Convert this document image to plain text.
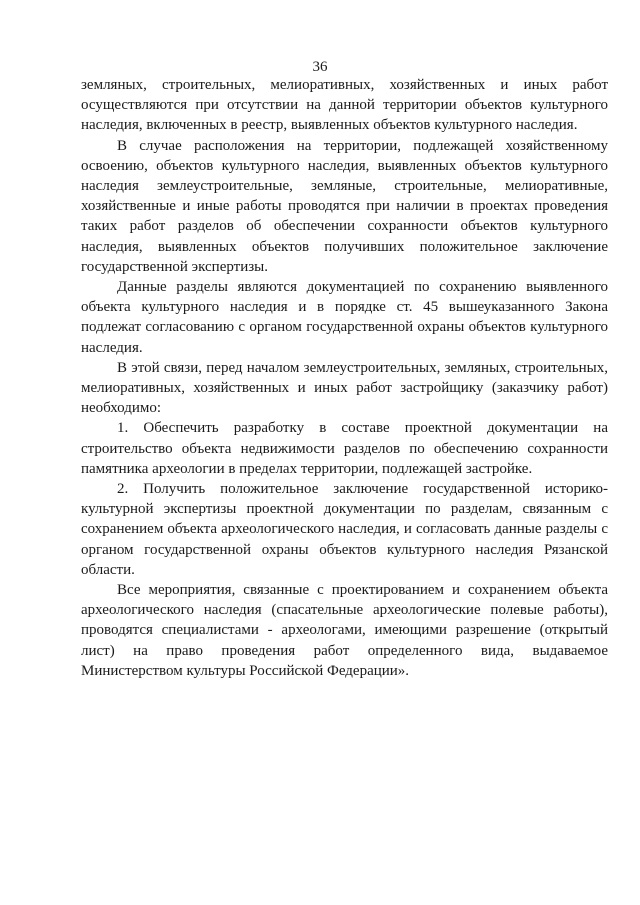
36

земляных, строительных, мелиоративных, хозяйственных и иных работ осуществляются при отсутствии на данной территории объектов культурного наследия, включенных в реестр, выявленных объектов культурного наследия.

В случае расположения на территории, подлежащей хозяйственному освоению, объектов культурного наследия, выявленных объектов культурного наследия землеустроительные, земляные, строительные, мелиоративные, хозяйственные и иные работы проводятся при наличии в проектах проведения таких работ разделов об обеспечении сохранности объектов культурного наследия, выявленных объектов получивших положительное заключение государственной экспертизы.

Данные разделы являются документацией по сохранению выявленного объекта культурного наследия и в порядке ст. 45 вышеуказанного Закона подлежат согласованию с органом государственной охраны объектов культурного наследия.

В этой связи, перед началом землеустроительных, земляных, строительных, мелиоративных, хозяйственных и иных работ застройщику (заказчику работ) необходимо:

1. Обеспечить разработку в составе проектной документации на строительство объекта недвижимости разделов по обеспечению сохранности памятника археологии в пределах территории, подлежащей застройке.

2. Получить положительное заключение государственной историко-культурной экспертизы проектной документации по разделам, связанным с сохранением объекта археологического наследия, и согласовать данные разделы с органом государственной охраны объектов культурного наследия Рязанской области.

Все мероприятия, связанные с проектированием и сохранением объекта археологического наследия (спасательные археологические полевые работы), проводятся специалистами - археологами, имеющими разрешение (открытый лист) на право проведения работ определенного вида, выдаваемое Министерством культуры Российской Федерации».
